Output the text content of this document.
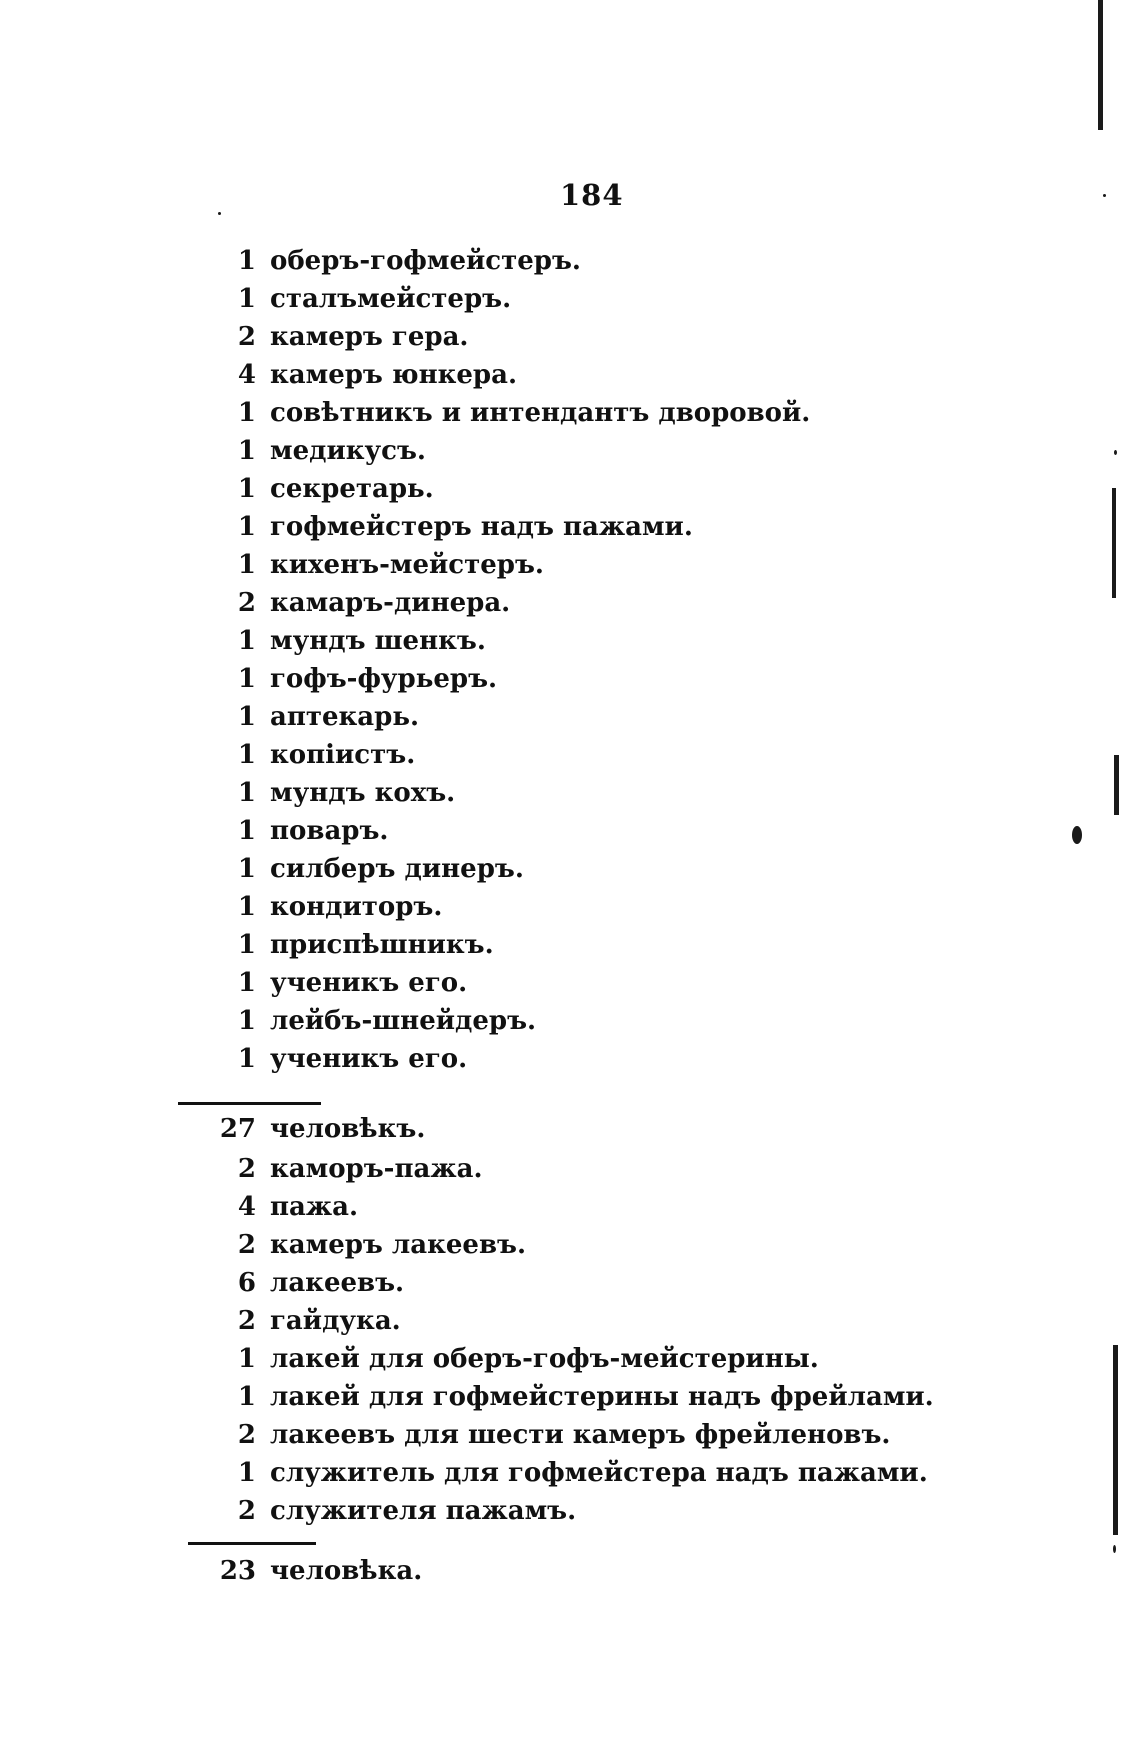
184
1 оберъ-гофмейстеръ.
1 сталъмейстеръ.
2 камеръ гера.
4 камеръ юнкера.
1 совѣтникъ и интендантъ дворовой.
1 медикусъ.
1 секретарь.
1 гофмейстеръ надъ пажами.
1 кихенъ-мейстеръ.
2 камаръ-динера.
1 мундъ шенкъ.
1 гофъ-фурьеръ.
1 аптекарь.
1 копіистъ.
1 мундъ кохъ.
1 поваръ.
1 силберъ динеръ.
1 кондиторъ.
1 приспѣшникъ.
1 ученикъ его.
1 лейбъ-шнейдеръ.
1 ученикъ его.
27 человѣкъ.
2 каморъ-пажа.
4 пажа.
2 камеръ лакеевъ.
6 лакеевъ.
2 гайдука.
1 лакей для оберъ-гофъ-мейстерины.
1 лакей для гофмейстерины надъ фрейлами.
2 лакеевъ для шести камеръ фрейленовъ.
1 служитель для гофмейстера надъ пажами.
2 служителя пажамъ.
23 человѣка.
